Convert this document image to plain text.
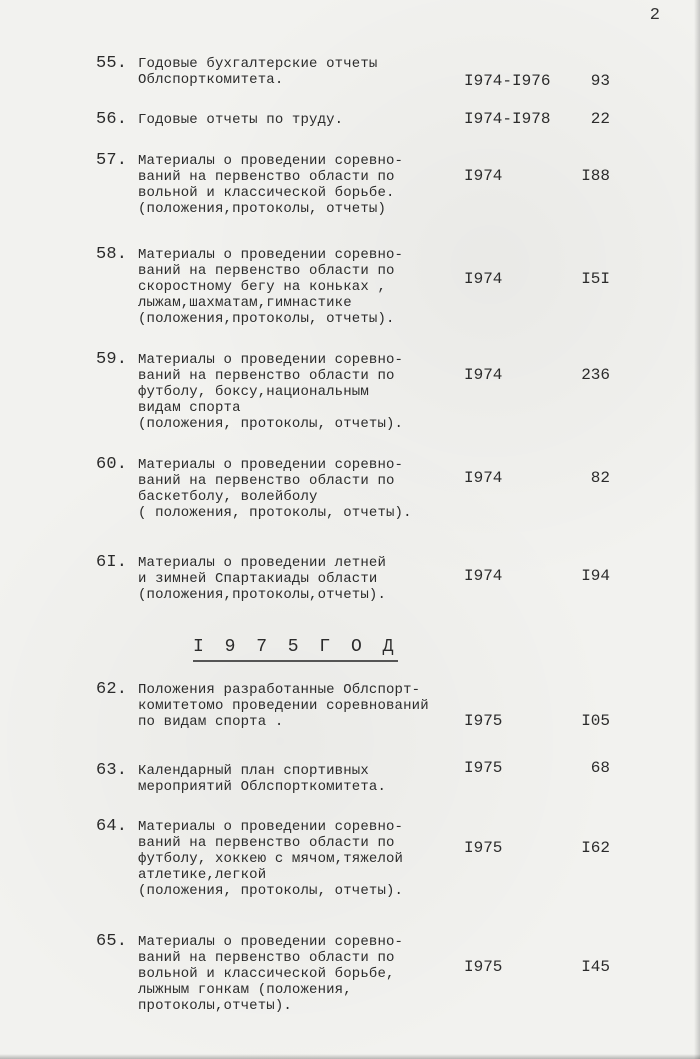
2
55. Годовые бухгалтерские отчеты
Облспорткомитета.	I974-I976	93
56. Годовые отчеты по труду.	I974-I978	22
57. Материалы о проведении соревно-
ваний на первенство области по
вольной и классической борьбе.
(положения,протоколы, отчеты)
I974	I88
58. Материалы о проведении соревно-
ваний на первенство области по
скоростному бегу на коньках ,
лыжам,шахматам,гимнастике
(положения,протоколы, отчеты).
I974	I5I
59. Материалы о проведении соревно-
ваний на первенство области по
футболу, боксу,национальным
видам спорта
(положения, протоколы, отчеты).
I974	236
60. Материалы о проведении соревно-
ваний на первенство области по
баскетболу, волейболу
( положения, протоколы, отчеты).
I974	82
6I. Материалы о проведении летней
и зимней Спартакиады области
(положения,протоколы,отчеты).
I974	I94
I 9 7 5 Г О Д
62. Положения разработанные Облспорт-
комитетомо проведении соревнований
по видам спорта .	I975	I05
63. Календарный план спортивных
мероприятий Облспорткомитета.
I975	68
64. Материалы о проведении соревно-
ваний на первенство области по
футболу, хоккею с мячом,тяжелой
атлетике,легкой
(положения, протоколы, отчеты).
I975	I62
65. Материалы о проведении соревно-
ваний на первенство области по
вольной и классической борьбе,
лыжным гонкам (положения,
протоколы,отчеты).
I975	I45
